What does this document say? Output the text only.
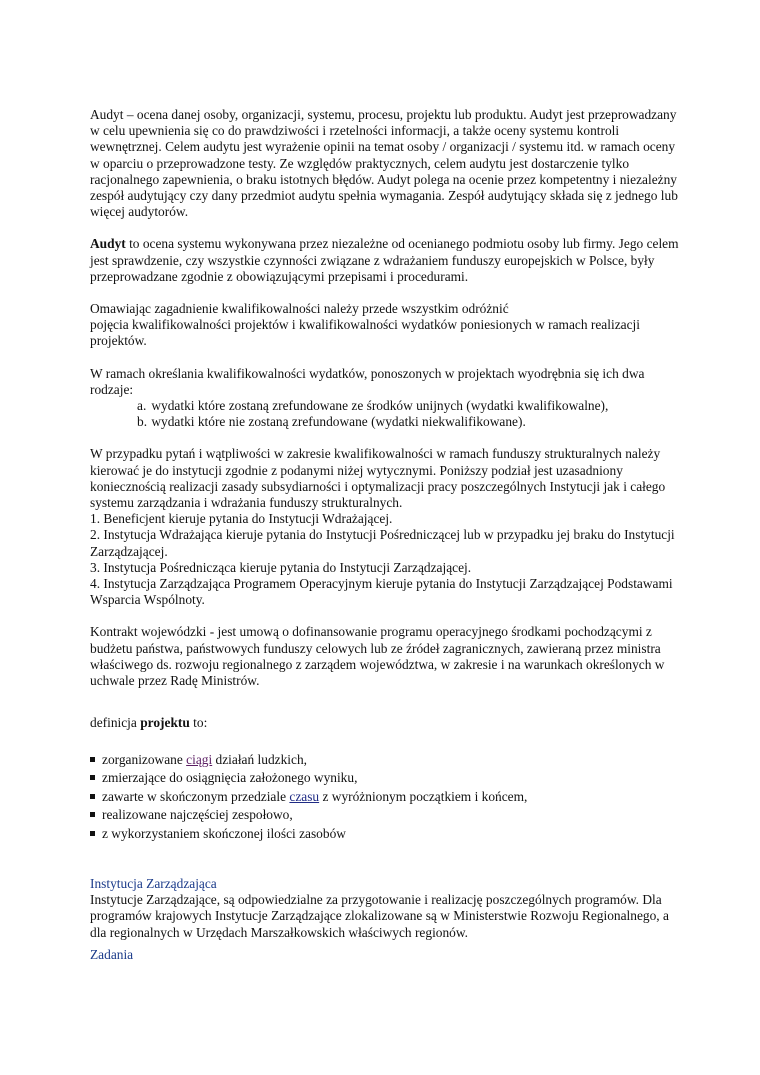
Audyt – ocena danej osoby, organizacji, systemu, procesu, projektu lub produktu. Audyt jest przeprowadzany w celu upewnienia się co do prawdziwości i rzetelności informacji, a także oceny systemu kontroli wewnętrznej. Celem audytu jest wyrażenie opinii na temat osoby / organizacji / systemu itd. w ramach oceny w oparciu o przeprowadzone testy. Ze względów praktycznych, celem audytu jest dostarczenie tylko racjonalnego zapewnienia, o braku istotnych błędów. Audyt polega na ocenie przez kompetentny i niezależny zespół audytujący czy dany przedmiot audytu spełnia wymagania. Zespół audytujący składa się z jednego lub więcej audytorów.

Audyt to ocena systemu wykonywana przez niezależne od ocenianego podmiotu osoby lub firmy. Jego celem jest sprawdzenie, czy wszystkie czynności związane z wdrażaniem funduszy europejskich w Polsce, były przeprowadzane zgodnie z obowiązującymi przepisami i procedurami.

Omawiając zagadnienie kwalifikowalności należy przede wszystkim odróżnić
pojęcia kwalifikowalności projektów i kwalifikowalności wydatków poniesionych w ramach realizacji projektów.

W ramach określania kwalifikowalności wydatków, ponoszonych w projektach wyodrębnia się ich dwa rodzaje:

a. wydatki które zostaną zrefundowane ze środków unijnych (wydatki kwalifikowalne),
b. wydatki które nie zostaną zrefundowane (wydatki niekwalifikowane).

W przypadku pytań i wątpliwości w zakresie kwalifikowalności w ramach funduszy strukturalnych należy kierować je do instytucji zgodnie z podanymi niżej wytycznymi. Poniższy podział jest uzasadniony koniecznością realizacji zasady subsydiarności i optymalizacji pracy poszczególnych Instytucji jak i całego systemu zarządzania i wdrażania funduszy strukturalnych.

1. Beneficjent kieruje pytania do Instytucji Wdrażającej.

2. Instytucja Wdrażająca kieruje pytania do Instytucji Pośredniczącej lub w przypadku jej braku do Instytucji Zarządzającej.

3. Instytucja Pośrednicząca kieruje pytania do Instytucji Zarządzającej.

4. Instytucja Zarządzająca Programem Operacyjnym kieruje pytania do Instytucji Zarządzającej Podstawami Wsparcia Wspólnoty.

Kontrakt wojewódzki - jest umową o dofinansowanie programu operacyjnego środkami pochodzącymi z budżetu państwa, państwowych funduszy celowych lub ze źródeł zagranicznych, zawieraną przez ministra właściwego ds. rozwoju regionalnego z zarządem województwa, w zakresie i na warunkach określonych w uchwale przez Radę Ministrów.

definicja projektu to:

zorganizowane ciągi działań ludzkich,
zmierzające do osiągnięcia założonego wyniku,
zawarte w skończonym przedziale czasu z wyróżnionym początkiem i końcem,
realizowane najczęściej zespołowo,
z wykorzystaniem skończonej ilości zasobów

Instytucja Zarządzająca

Instytucje Zarządzające, są odpowiedzialne za przygotowanie i realizację poszczególnych programów. Dla programów krajowych Instytucje Zarządzające zlokalizowane są w Ministerstwie Rozwoju Regionalnego, a dla regionalnych w Urzędach Marszałkowskich właściwych regionów.

Zadania
